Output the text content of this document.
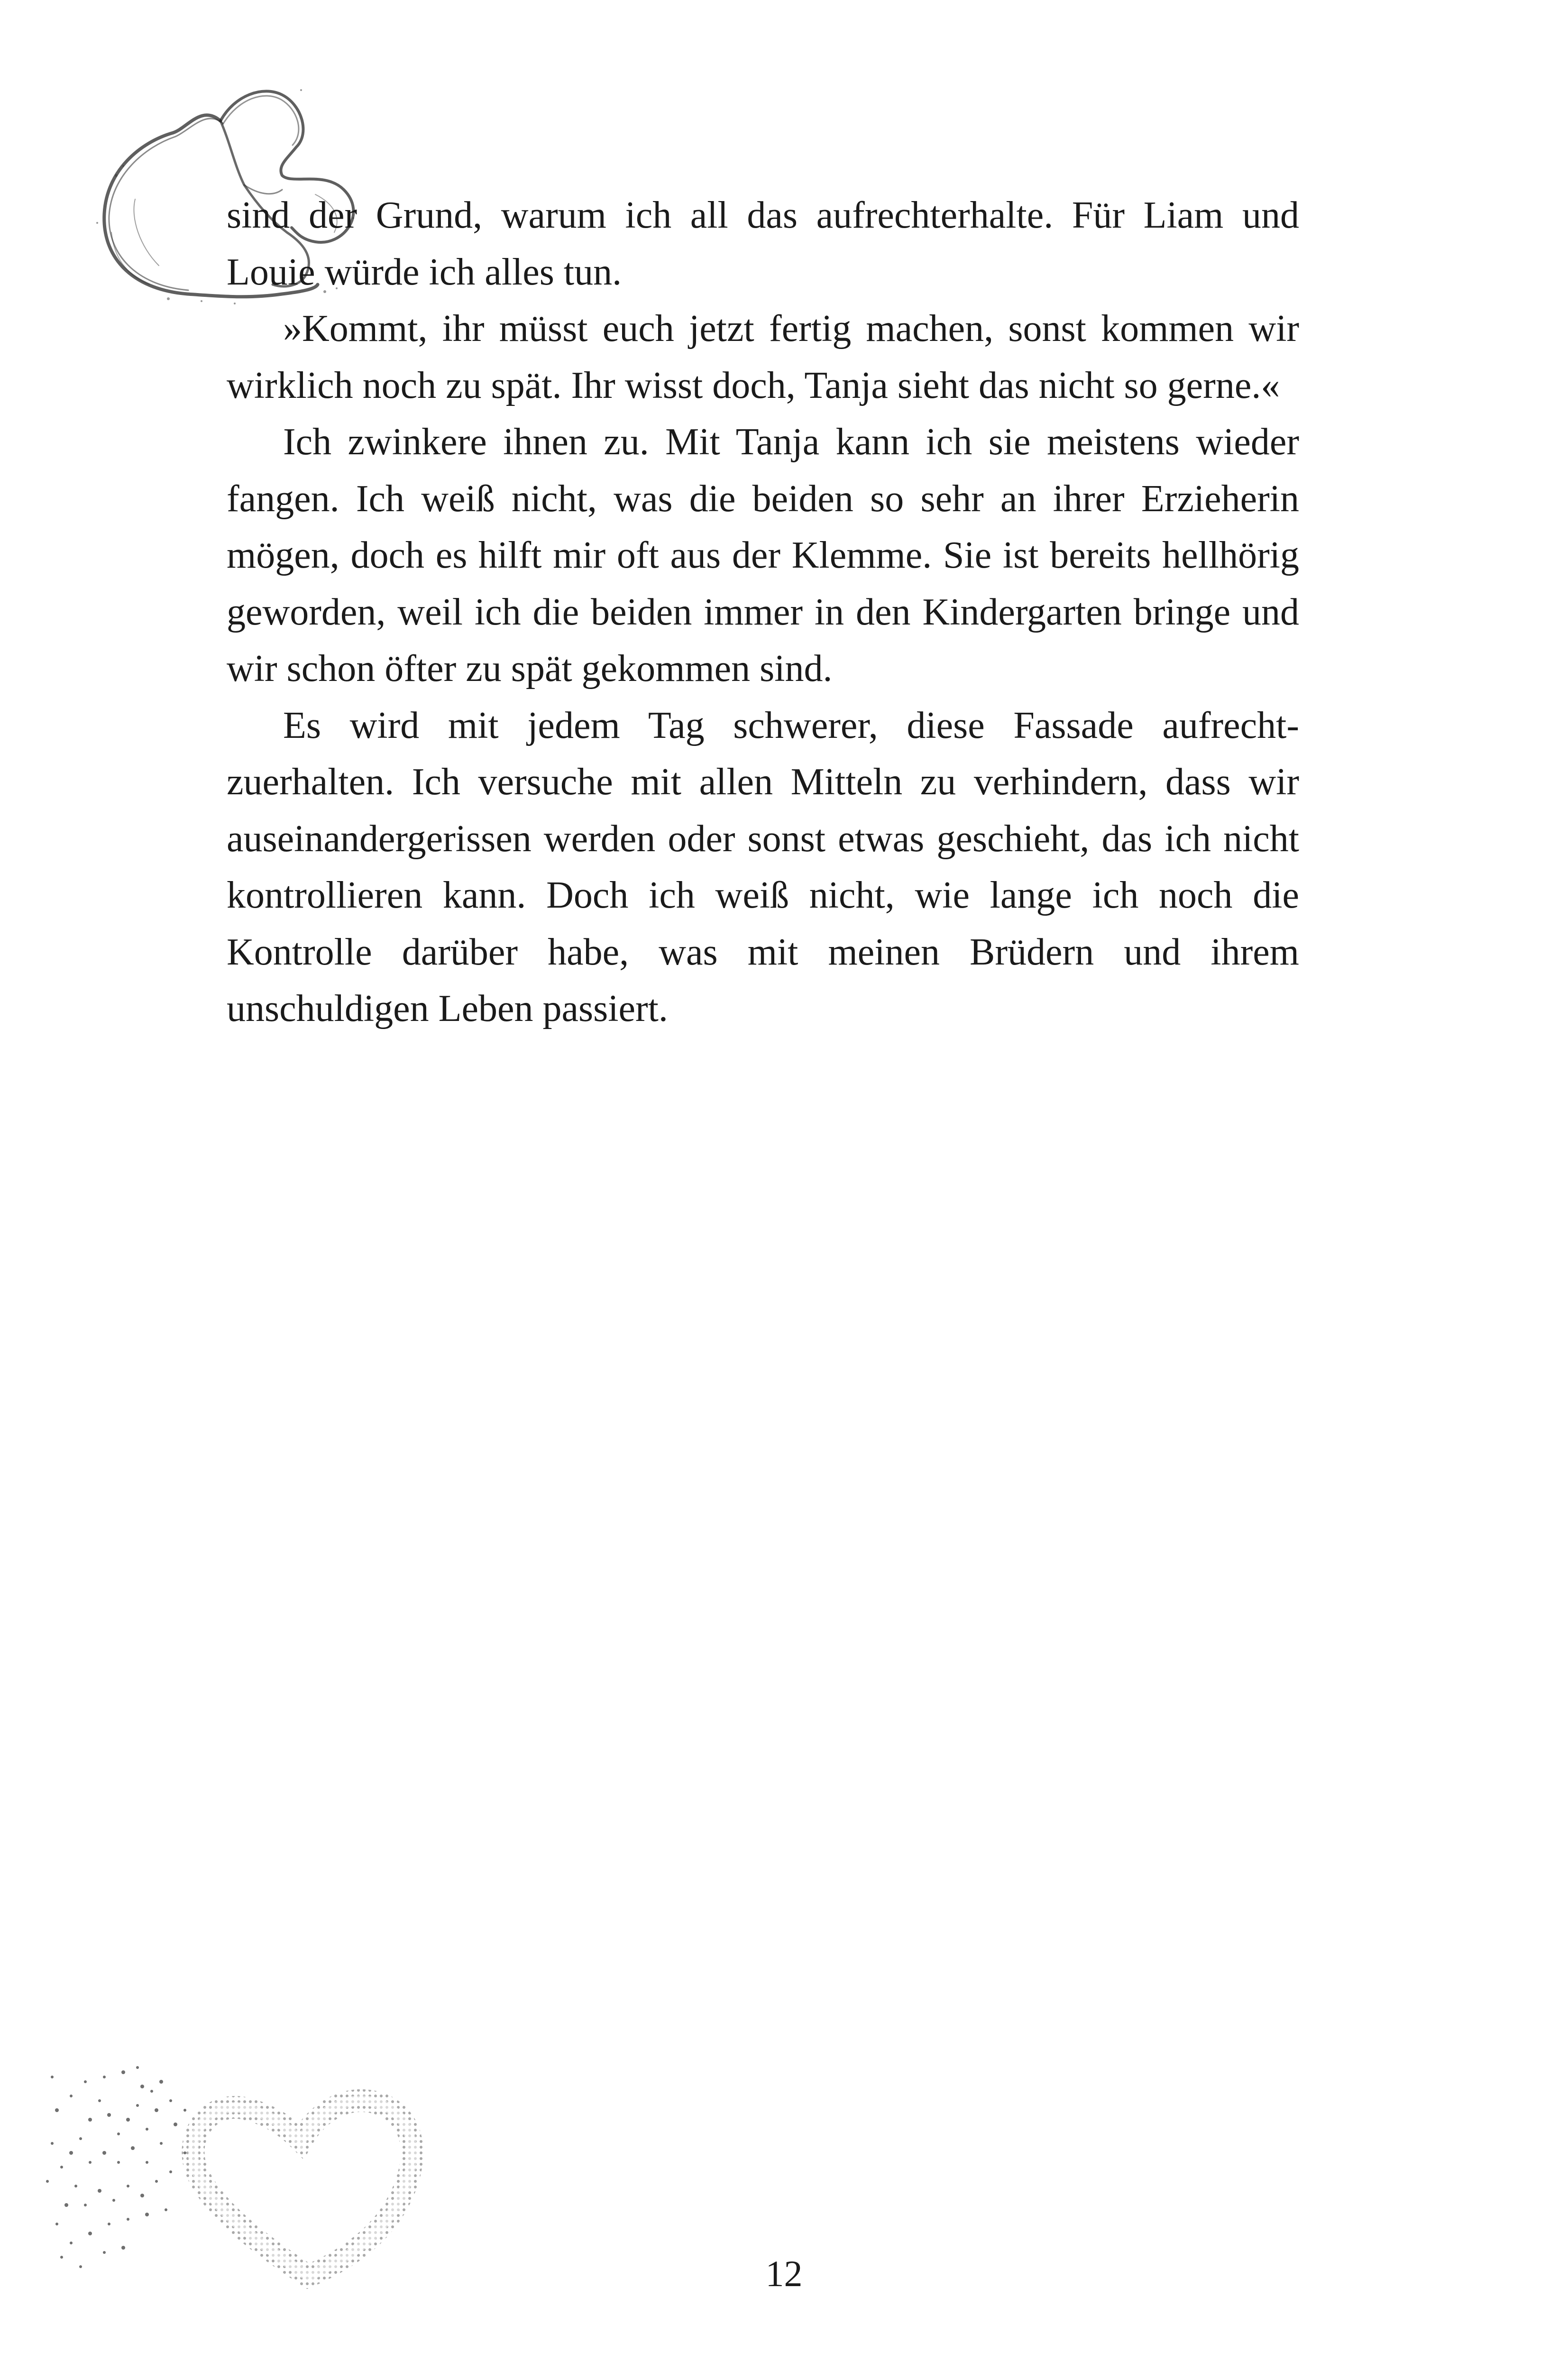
sind der Grund, warum ich all das aufrechterhalte. Für Liam und Louie würde ich alles tun.

»Kommt, ihr müsst euch jetzt fertig machen, sonst kommen wir wirklich noch zu spät. Ihr wisst doch, Tanja sieht das nicht so gerne.«

Ich zwinkere ihnen zu. Mit Tanja kann ich sie meistens wieder fangen. Ich weiß nicht, was die beiden so sehr an ihrer Erzieherin mögen, doch es hilft mir oft aus der Klemme. Sie ist bereits hellhörig geworden, weil ich die beiden immer in den Kindergarten bringe und wir schon öfter zu spät gekommen sind.

Es wird mit jedem Tag schwerer, diese Fassade aufrechtzuerhalten. Ich versuche mit allen Mitteln zu verhindern, dass wir auseinandergerissen werden oder sonst etwas geschieht, das ich nicht kontrollieren kann. Doch ich weiß nicht, wie lange ich noch die Kontrolle darüber habe, was mit meinen Brüdern und ihrem unschuldigen Leben passiert.

12
